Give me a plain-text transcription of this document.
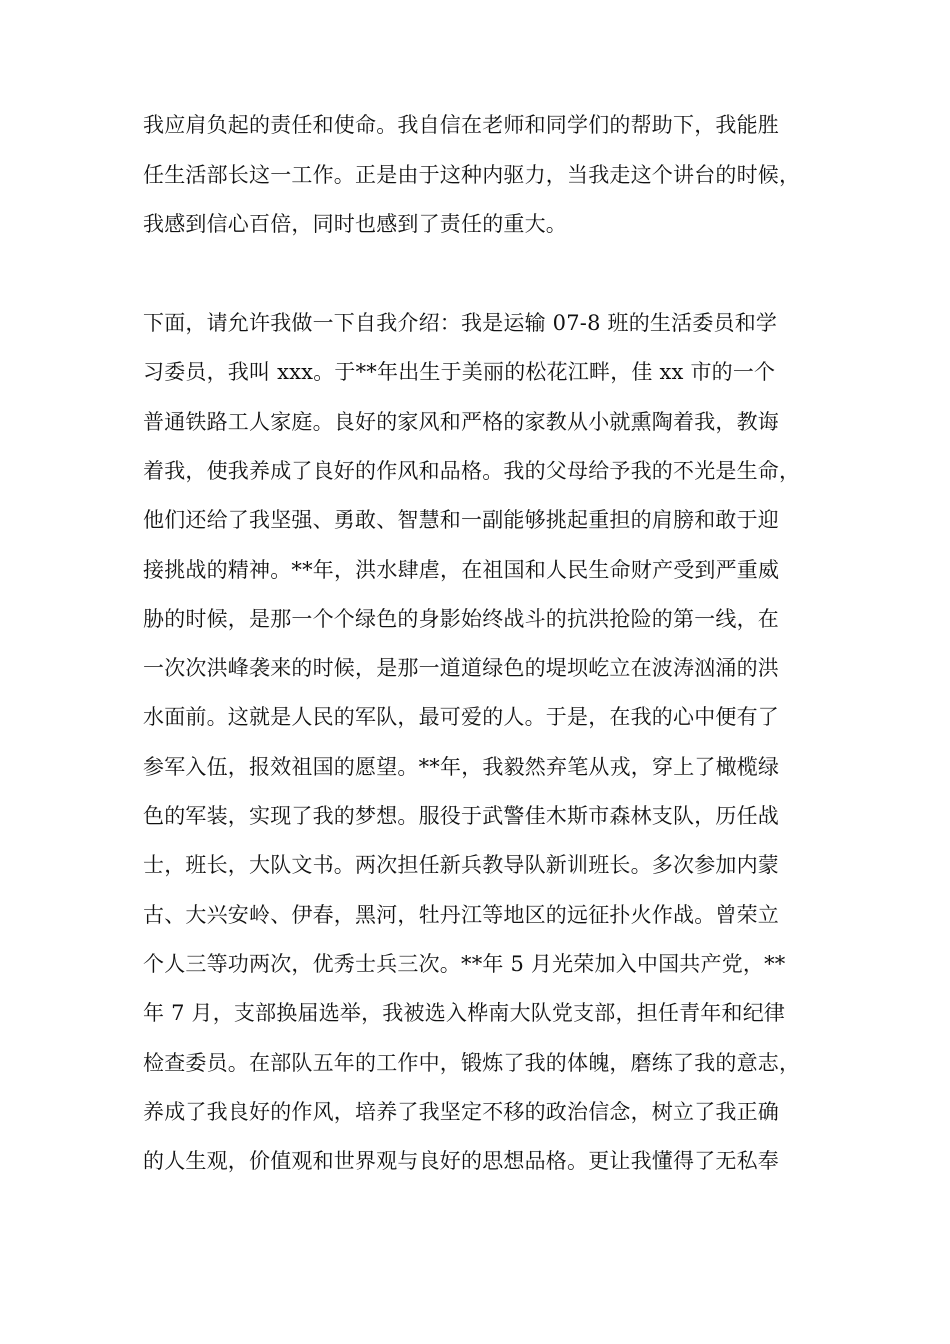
我应肩负起的责任和使命。我自信在老师和同学们的帮助下，我能胜
任生活部长这一工作。正是由于这种内驱力，当我走这个讲台的时候，
我感到信心百倍，同时也感到了责任的重大。
下面，请允许我做一下自我介绍：我是运输 07-8 班的生活委员和学
习委员，我叫 xxx。于**年出生于美丽的松花江畔，佳 xx 市的一个
普通铁路工人家庭。良好的家风和严格的家教从小就熏陶着我，教诲
着我，使我养成了良好的作风和品格。我的父母给予我的不光是生命，
他们还给了我坚强、勇敢、智慧和一副能够挑起重担的肩膀和敢于迎
接挑战的精神。**年，洪水肆虐，在祖国和人民生命财产受到严重威
胁的时候，是那一个个绿色的身影始终战斗的抗洪抢险的第一线，在
一次次洪峰袭来的时候，是那一道道绿色的堤坝屹立在波涛汹涌的洪
水面前。这就是人民的军队，最可爱的人。于是，在我的心中便有了
参军入伍，报效祖国的愿望。**年，我毅然弃笔从戎，穿上了橄榄绿
色的军装，实现了我的梦想。服役于武警佳木斯市森林支队，历任战
士，班长，大队文书。两次担任新兵教导队新训班长。多次参加内蒙
古、大兴安岭、伊春，黑河，牡丹江等地区的远征扑火作战。曾荣立
个人三等功两次，优秀士兵三次。**年 5 月光荣加入中国共产党，**
年 7 月，支部换届选举，我被选入桦南大队党支部，担任青年和纪律
检查委员。在部队五年的工作中，锻炼了我的体魄，磨练了我的意志，
养成了我良好的作风，培养了我坚定不移的政治信念，树立了我正确
的人生观，价值观和世界观与良好的思想品格。更让我懂得了无私奉
